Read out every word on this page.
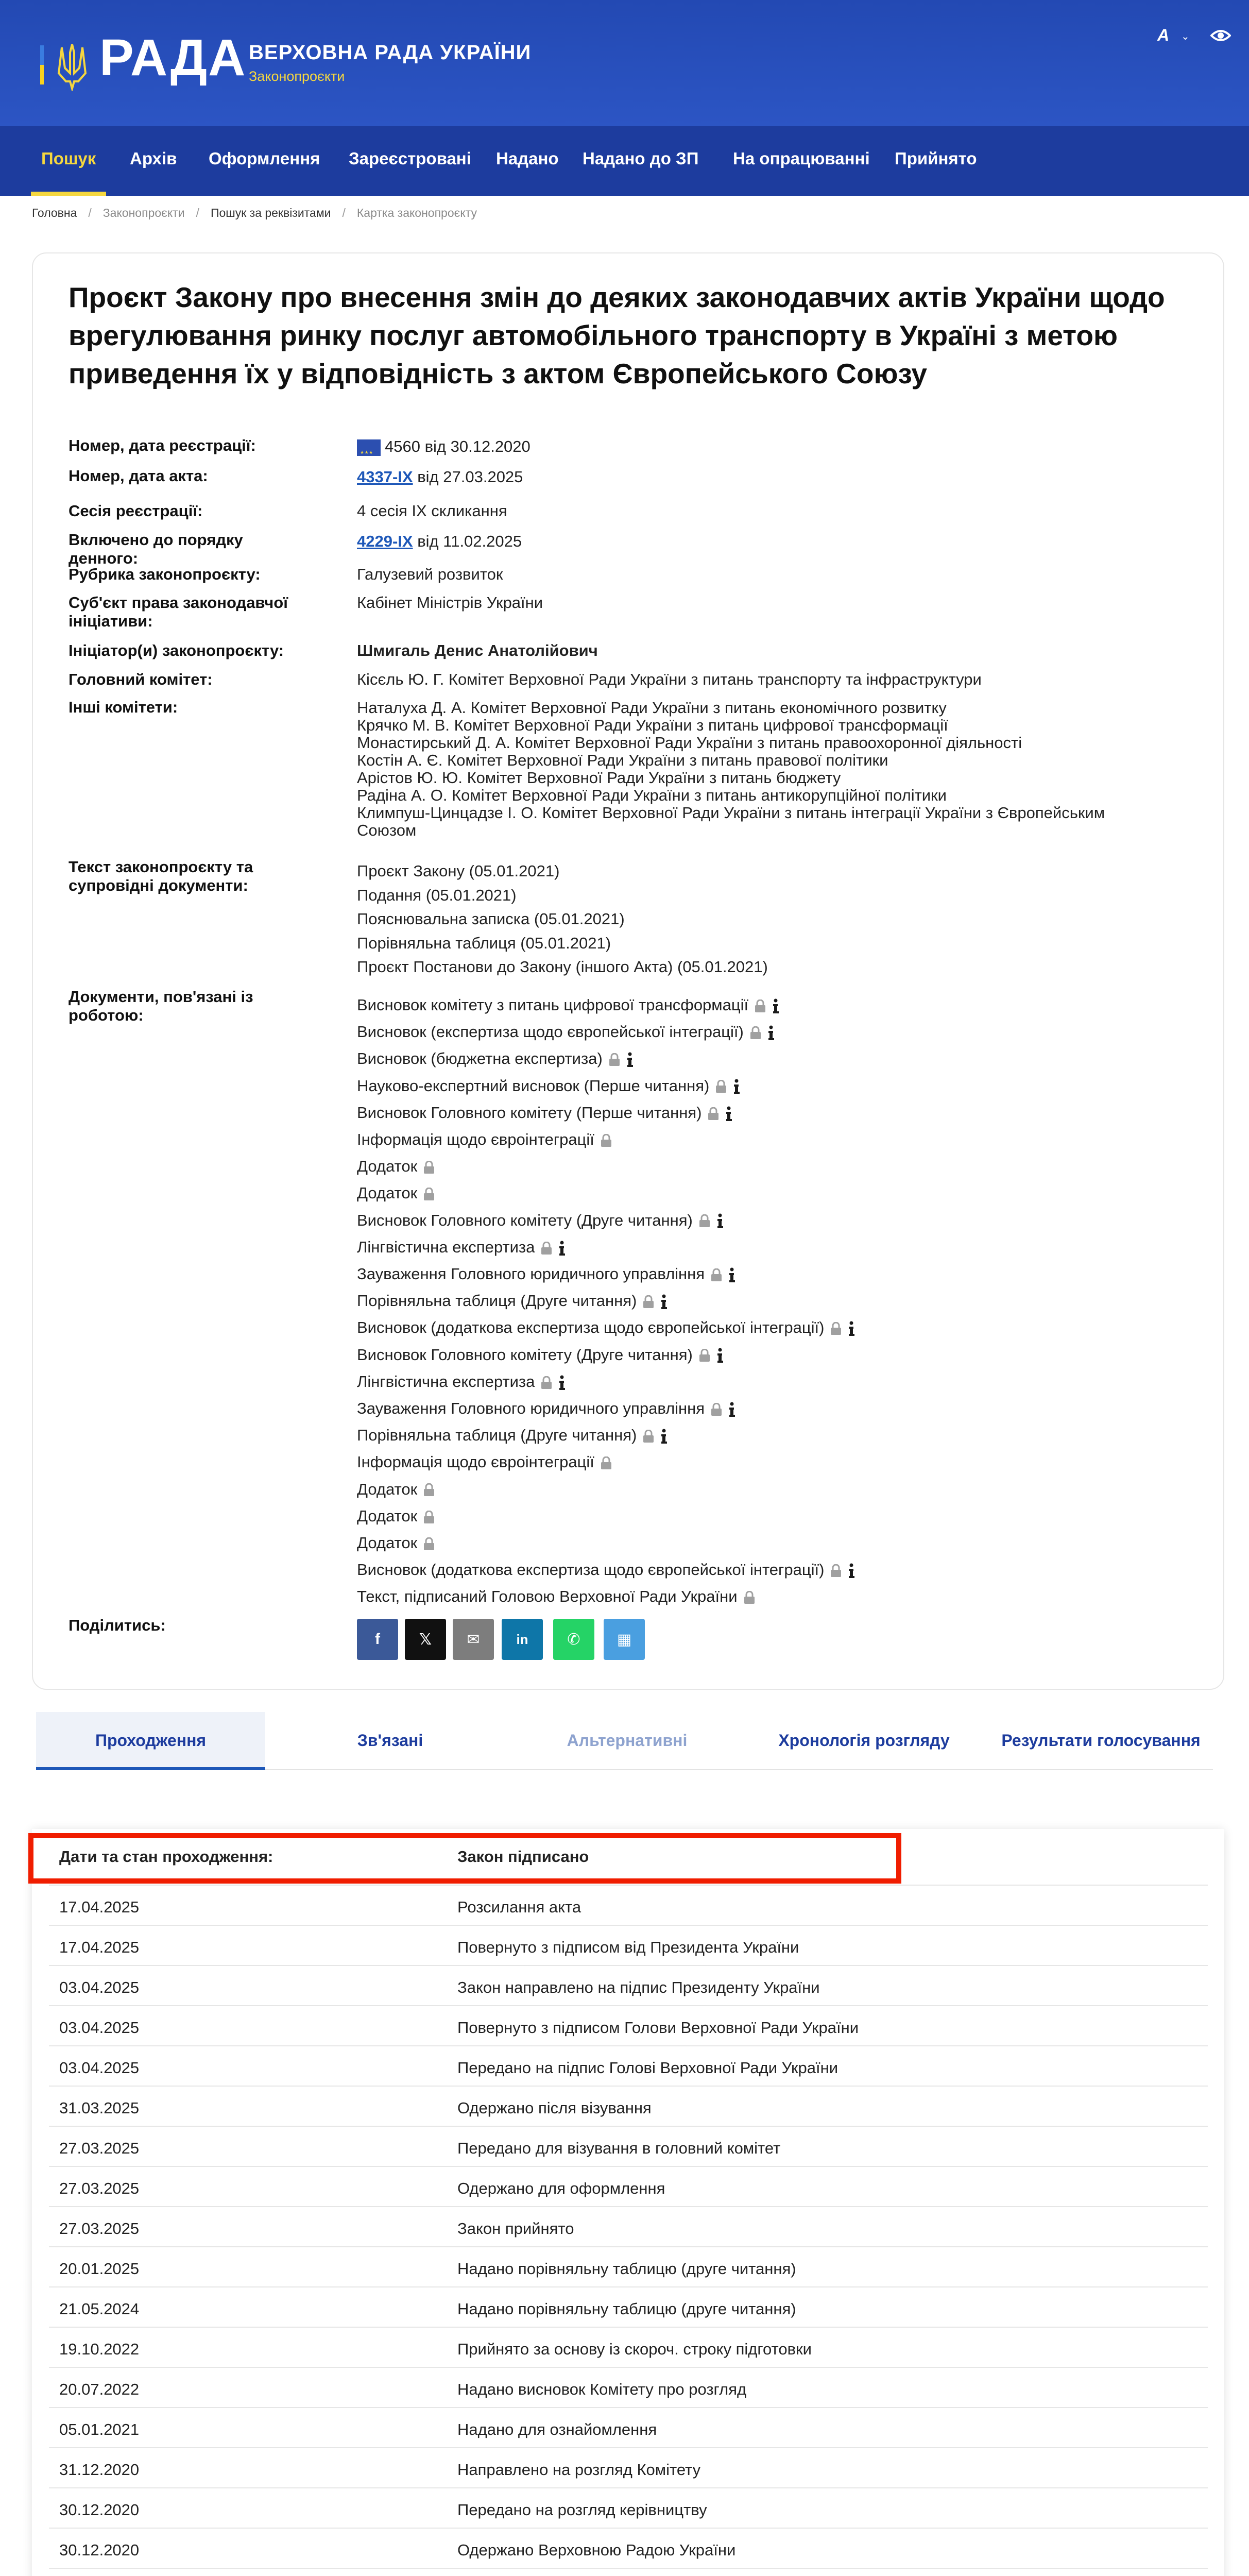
РАДА ВЕРХОВНА РАДА УКРАЇНИ
Законопроєкти
A ⌄
Пошук Архів Оформлення Зареєстровані Надано Надано до ЗП На опрацюванні Прийнято
Головна / Законопроєкти / Пошук за реквізитами / Картка законопроєкту
Проєкт Закону про внесення змін до деяких законодавчих актів України щодо врегулювання ринку послуг автомобільного транспорту в Україні з метою приведення їх у відповідність з актом Європейського Союзу
Номер, дата реєстрації:
★ ★ ★	4560 від 30.12.2020
Номер, дата акта:	4337-IX від 27.03.2025
Сесія реєстрації:	4 сесія IX скликання
Включено до порядку денного:
4229-IX від 11.02.2025
Рубрика законопроєкту:	Галузевий розвиток
Суб'єкт права законодавчої ініціативи:
Кабінет Міністрів України
Ініціатор(и) законопроєкту:	Шмигаль Денис Анатолійович
Головний комітет:	Кісєль Ю. Г. Комітет Верховної Ради України з питань транспорту та інфраструктури
Інші комітети:	Наталуха Д. А. Комітет Верховної Ради України з питань економічного розвитку
Крячко М. В. Комітет Верховної Ради України з питань цифрової трансформації
Монастирський Д. А. Комітет Верховної Ради України з питань правоохоронної діяльності
Костін А. Є. Комітет Верховної Ради України з питань правової політики
Арістов Ю. Ю. Комітет Верховної Ради України з питань бюджету
Радіна А. О. Комітет Верховної Ради України з питань антикорупційної політики
Климпуш-Цинцадзе І. О. Комітет Верховної Ради України з питань інтеграції України з Європейським
Союзом
Текст законопроєкту та супровідні документи:
Проєкт Закону (05.01.2021)
Подання (05.01.2021)
Пояснювальна записка (05.01.2021)
Порівняльна таблиця (05.01.2021)
Проєкт Постанови до Закону (іншого Акта) (05.01.2021)
Документи, пов'язані із роботою:
Висновок комітету з питань цифрової трансформації
Висновок (експертиза щодо європейської інтеграції)
Висновок (бюджетна експертиза)
Науково-експертний висновок (Перше читання)
Висновок Головного комітету (Перше читання)
Інформація щодо євроінтеграції
Додаток
Додаток
Висновок Головного комітету (Друге читання)
Лінгвістична експертиза
Зауваження Головного юридичного управління
Порівняльна таблиця (Друге читання)
Висновок (додаткова експертиза щодо європейської інтеграції)
Висновок Головного комітету (Друге читання)
Лінгвістична експертиза
Зауваження Головного юридичного управління
Порівняльна таблиця (Друге читання)
Інформація щодо євроінтеграції
Додаток
Додаток
Додаток
Висновок (додаткова експертиза щодо європейської інтеграції)
Текст, підписаний Головою Верховної Ради України
Поділитись:
f	𝕏	✉	in	✆	▦
Проходження	Зв'язані	Альтернативні	Хронологія розгляду	Результати голосування
Дати та стан проходження:	Закон підписано
17.04.2025	Розсилання акта
17.04.2025	Повернуто з підписом від Президента України
03.04.2025	Закон направлено на підпис Президенту України
03.04.2025	Повернуто з підписом Голови Верховної Ради України
03.04.2025	Передано на підпис Голові Верховної Ради України
31.03.2025	Одержано після візування
27.03.2025	Передано для візування в головний комітет
27.03.2025	Одержано для оформлення
27.03.2025	Закон прийнято
20.01.2025	Надано порівняльну таблицю (друге читання)
21.05.2024	Надано порівняльну таблицю (друге читання)
19.10.2022	Прийнято за основу із скороч. строку підготовки
20.07.2022	Надано висновок Комітету про розгляд
05.01.2021	Надано для ознайомлення
31.12.2020	Направлено на розгляд Комітету
30.12.2020	Передано на розгляд керівництву
30.12.2020	Одержано Верховною Радою України
